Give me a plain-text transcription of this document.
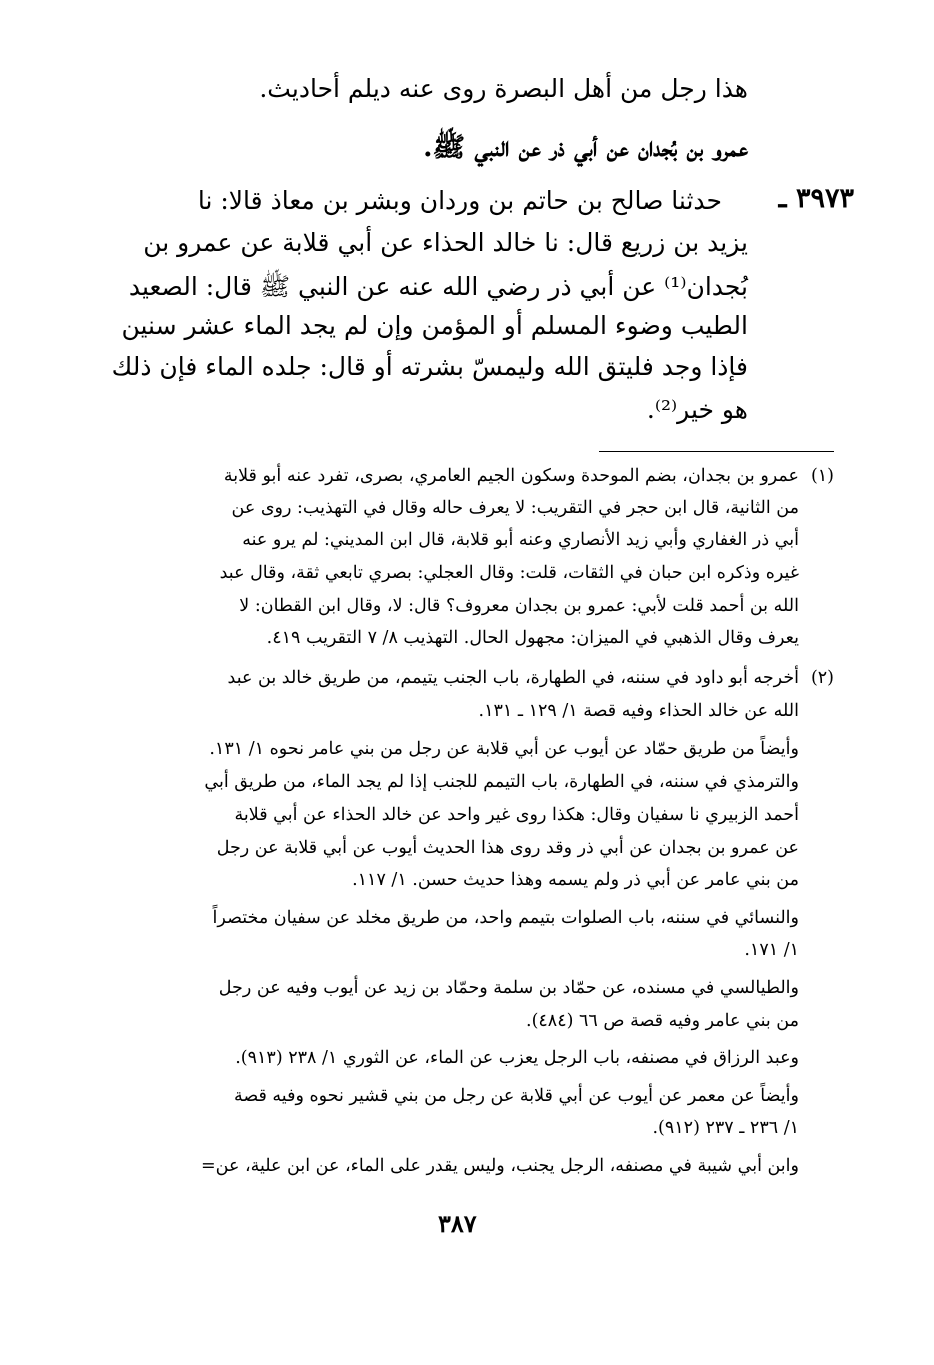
هذا رجل من أهل البصرة روى عنه ديلم أحاديث.
عمرو بن بُجدان عن أبي ذر عن النبي ﷺ.
٣٩٧٣ ـ
حدثنا صالح بن حاتم بن وردان وبشر بن معاذ قالا: نا
يزيد بن زريع قال: نا خالد الحذاء عن أبي قلابة عن عمرو بن
بُجدان⁽¹⁾ عن أبي ذر رضي الله عنه عن النبي ﷺ قال: الصعيد
الطيب وضوء المسلم أو المؤمن وإن لم يجد الماء عشر سنين
فإذا وجد فليتق الله وليمسّ بشرته أو قال: جلده الماء فإن ذلك
هو خير⁽²⁾.
(١)
عمرو بن بجدان، بضم الموحدة وسكون الجيم العامري، بصرى، تفرد عنه أبو قلابة
من الثانية، قال ابن حجر في التقريب: لا يعرف حاله وقال في التهذيب: روى عن
أبي ذر الغفاري وأبي زيد الأنصاري وعنه أبو قلابة، قال ابن المديني: لم يرو عنه
غيره وذكره ابن حبان في الثقات، قلت: وقال العجلي: بصري تابعي ثقة، وقال عبد
الله بن أحمد قلت لأبي: عمرو بن بجدان معروف؟ قال: لا، وقال ابن القطان: لا
يعرف وقال الذهبي في الميزان: مجهول الحال. التهذيب ٨/ ٧ التقريب ٤١٩.
(٢)
أخرجه أبو داود في سننه، في الطهارة، باب الجنب يتيمم، من طريق خالد بن عبد
الله عن خالد الحذاء وفيه قصة ١/ ١٢٩ ـ ١٣١.
وأيضاً من طريق حمّاد عن أيوب عن أبي قلابة عن رجل من بني عامر نحوه ١/ ١٣١.
والترمذي في سننه، في الطهارة، باب التيمم للجنب إذا لم يجد الماء، من طريق أبي
أحمد الزبيري نا سفيان وقال: هكذا روى غير واحد عن خالد الحذاء عن أبي قلابة
عن عمرو بن بجدان عن أبي ذر وقد روى هذا الحديث أيوب عن أبي قلابة عن رجل
من بني عامر عن أبي ذر ولم يسمه وهذا حديث حسن. ١/ ١١٧.
والنسائي في سننه، باب الصلوات بتيمم واحد، من طريق مخلد عن سفيان مختصراً
١/ ١٧١.
والطيالسي في مسنده، عن حمّاد بن سلمة وحمّاد بن زيد عن أيوب وفيه عن رجل
من بني عامر وفيه قصة ص ٦٦ (٤٨٤).
وعبد الرزاق في مصنفه، باب الرجل يعزب عن الماء، عن الثوري ١/ ٢٣٨ (٩١٣).
وأيضاً عن معمر عن أيوب عن أبي قلابة عن رجل من بني قشير نحوه وفيه قصة
١/ ٢٣٦ ـ ٢٣٧ (٩١٢).
وابن أبي شيبة في مصنفه، الرجل يجنب، وليس يقدر على الماء، عن ابن علية، عن=
٣٨٧
